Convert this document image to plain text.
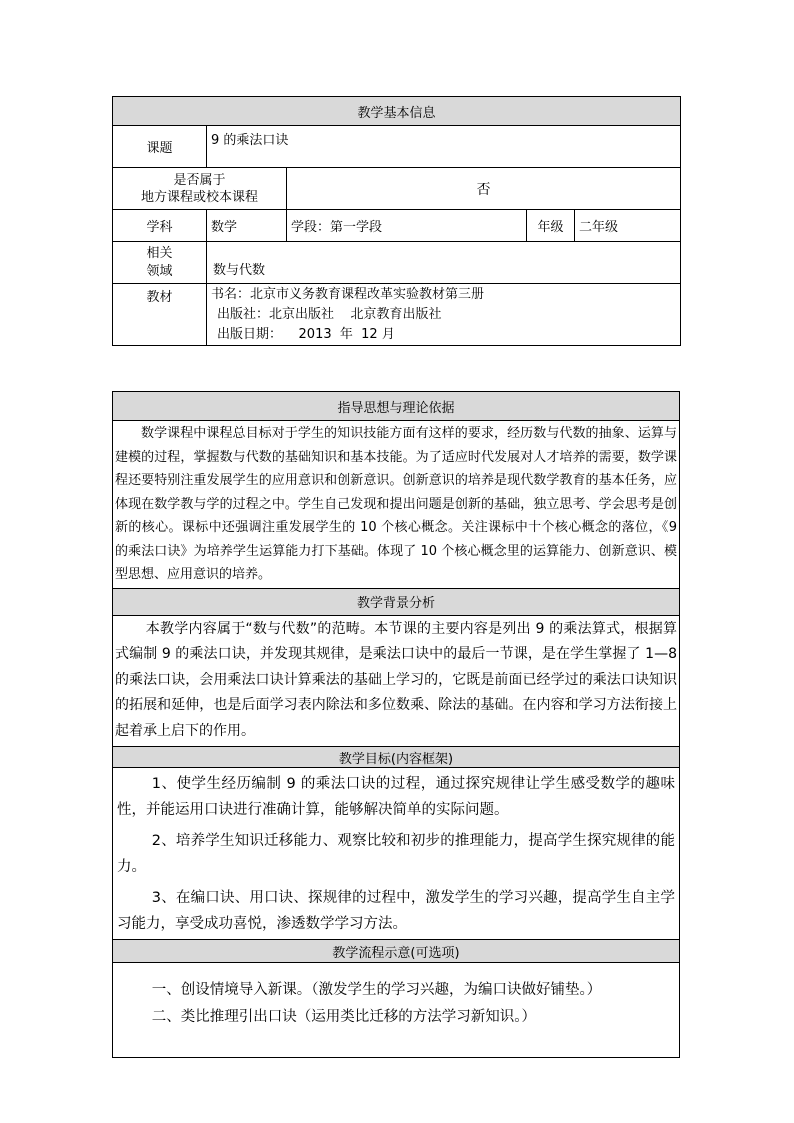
教学基本信息				
课题	9 的乘法口诀			

是否属于
地方课程或校本课程		否		
学科	数学	学段：第一学段	年级	二年级

相关
领域	数与代数			
教材	书名：北京市义务教育课程改革实验教材第三册
出版社：北京出版社    北京教育出版社
出版日期：    2013  年  12 月			
指导思想与理论依据
数学课程中课程总目标对于学生的知识技能方面有这样的要求，经历数与代数的抽象、运算与建模的过程，掌握数与代数的基础知识和基本技能。为了适应时代发展对人才培养的需要，数学课程还要特别注重发展学生的应用意识和创新意识。创新意识的培养是现代数学教育的基本任务，应体现在数学教与学的过程之中。学生自己发现和提出问题是创新的基础，独立思考、学会思考是创新的核心。课标中还强调注重发展学生的 10 个核心概念。关注课标中十个核心概念的落位，《9 的乘法口诀》为培养学生运算能力打下基础。体现了 10 个核心概念里的运算能力、创新意识、模型思想、应用意识的培养。
教学背景分析
本教学内容属于“数与代数”的范畴。本节课的主要内容是列出 9 的乘法算式，根据算式编制 9 的乘法口诀，并发现其规律，是乘法口诀中的最后一节课，是在学生掌握了 1—8 的乘法口诀，会用乘法口诀计算乘法的基础上学习的，它既是前面已经学过的乘法口诀知识的拓展和延伸，也是后面学习表内除法和多位数乘、除法的基础。在内容和学习方法衔接上起着承上启下的作用。
教学目标(内容框架)

1、使学生经历编制 9 的乘法口诀的过程，通过探究规律让学生感受数学的趣味性，并能运用口诀进行准确计算，能够解决简单的实际问题。

2、培养学生知识迁移能力、观察比较和初步的推理能力，提高学生探究规律的能力。

3、在编口诀、用口诀、探规律的过程中，激发学生的学习兴趣，提高学生自主学习能力，享受成功喜悦，渗透数学学习方法。

教学流程示意(可选项)

一、创设情境导入新课。（激发学生的学习兴趣，为编口诀做好铺垫。）

二、类比推理引出口诀（运用类比迁移的方法学习新知识。）
